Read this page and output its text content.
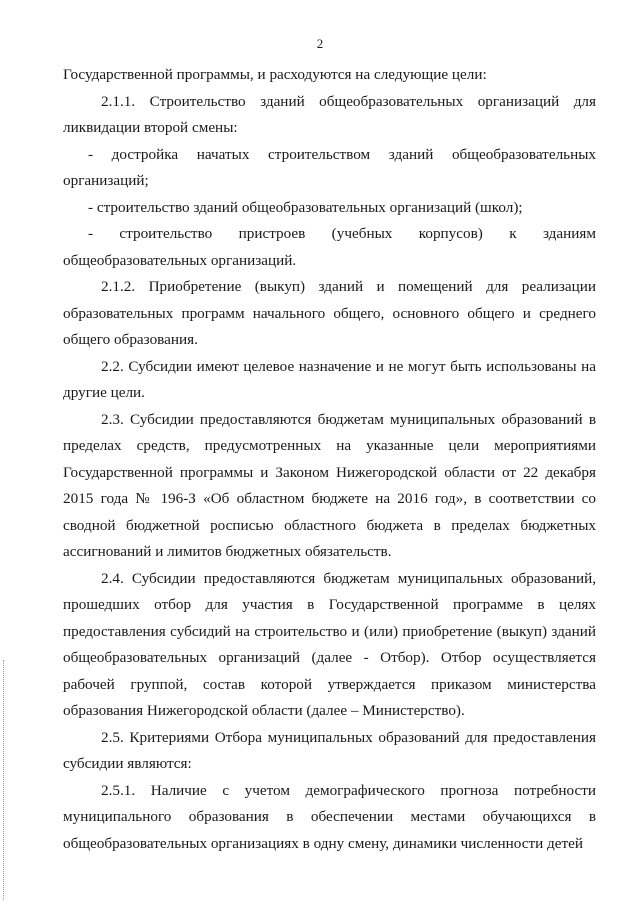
2

Государственной программы, и расходуются на следующие цели:

2.1.1. Строительство зданий общеобразовательных организаций для ликвидации второй смены:

- достройка начатых строительством зданий общеобразовательных организаций;

- строительство зданий общеобразовательных организаций (школ);

- строительство пристроев (учебных корпусов) к зданиям общеобразовательных организаций.

2.1.2. Приобретение (выкуп) зданий и помещений для реализации образовательных программ начального общего, основного общего и среднего общего образования.

2.2. Субсидии имеют целевое назначение и не могут быть использованы на другие цели.

2.3. Субсидии предоставляются бюджетам муниципальных образований в пределах средств, предусмотренных на указанные цели мероприятиями Государственной программы и Законом Нижегородской области от 22 декабря 2015 года № 196-З «Об областном бюджете на 2016 год», в соответствии со сводной бюджетной росписью областного бюджета в пределах бюджетных ассигнований и лимитов бюджетных обязательств.

2.4. Субсидии предоставляются бюджетам муниципальных образований, прошедших отбор для участия в Государственной программе в целях предоставления субсидий на строительство и (или) приобретение (выкуп) зданий общеобразовательных организаций (далее - Отбор). Отбор осуществляется рабочей группой, состав которой утверждается приказом министерства образования Нижегородской области (далее – Министерство).

2.5. Критериями Отбора муниципальных образований для предоставления субсидии являются:

2.5.1. Наличие с учетом демографического прогноза потребности муниципального образования в обеспечении местами обучающихся в общеобразовательных организациях в одну смену, динамики численности детей
